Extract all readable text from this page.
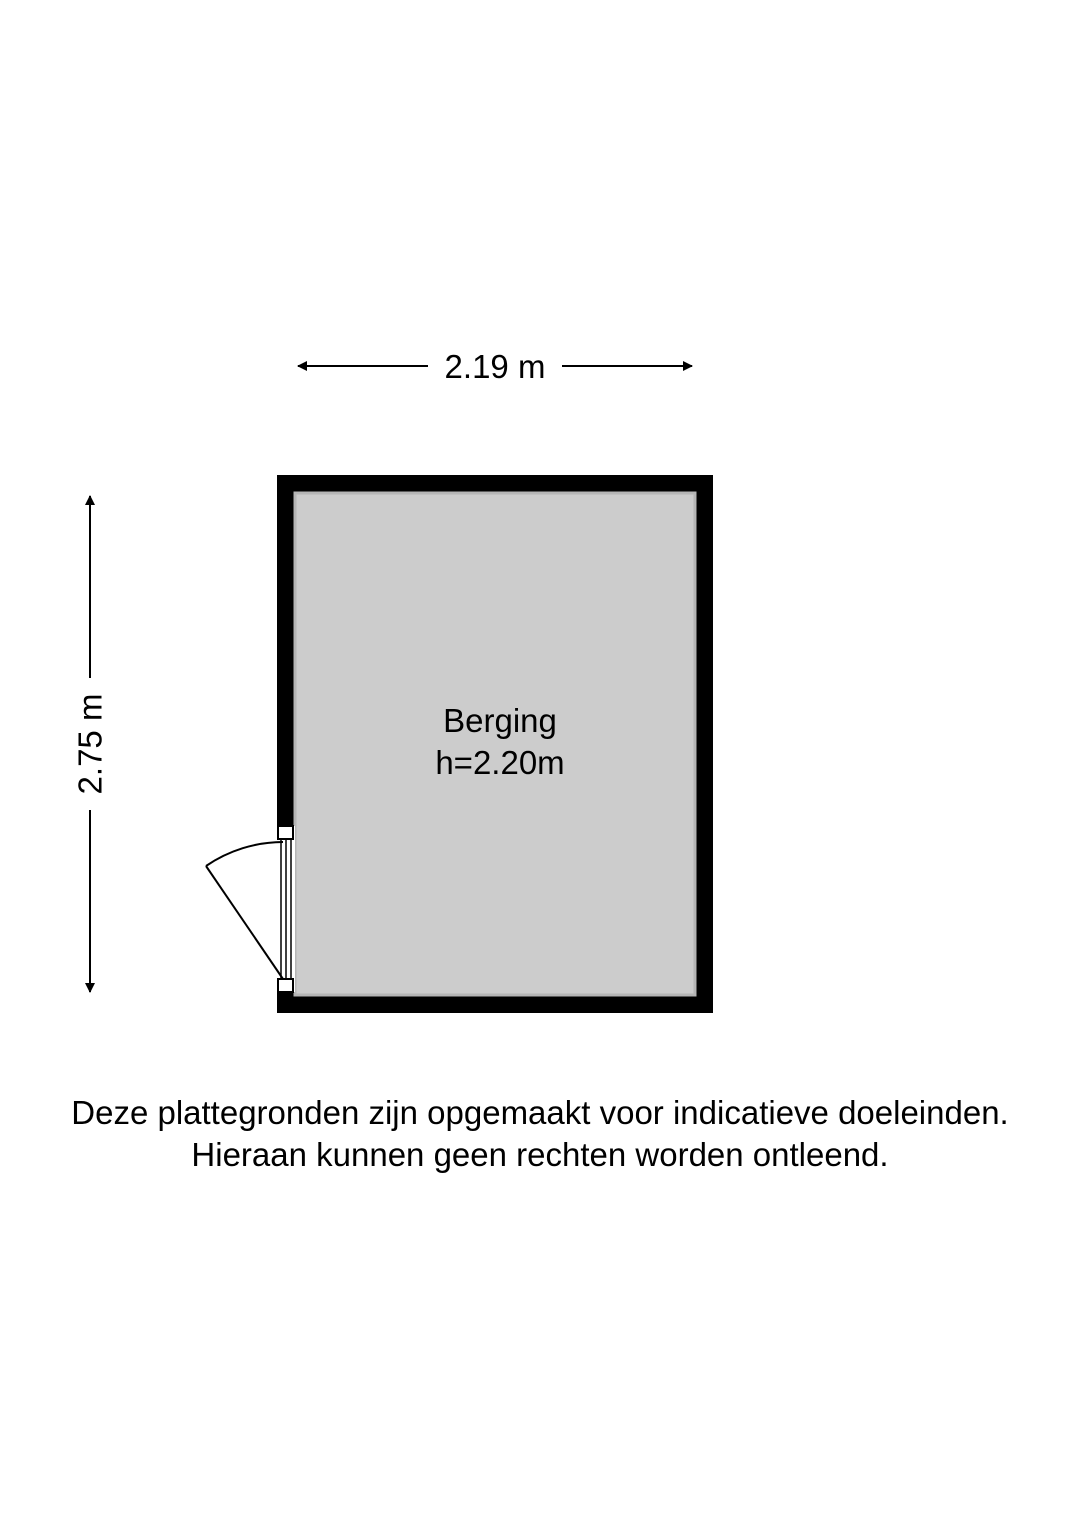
2.19 m
2.75 m	Berging
h=2.20m
Deze plattegronden zijn opgemaakt voor indicatieve doeleinden.
Hieraan kunnen geen rechten worden ontleend.
